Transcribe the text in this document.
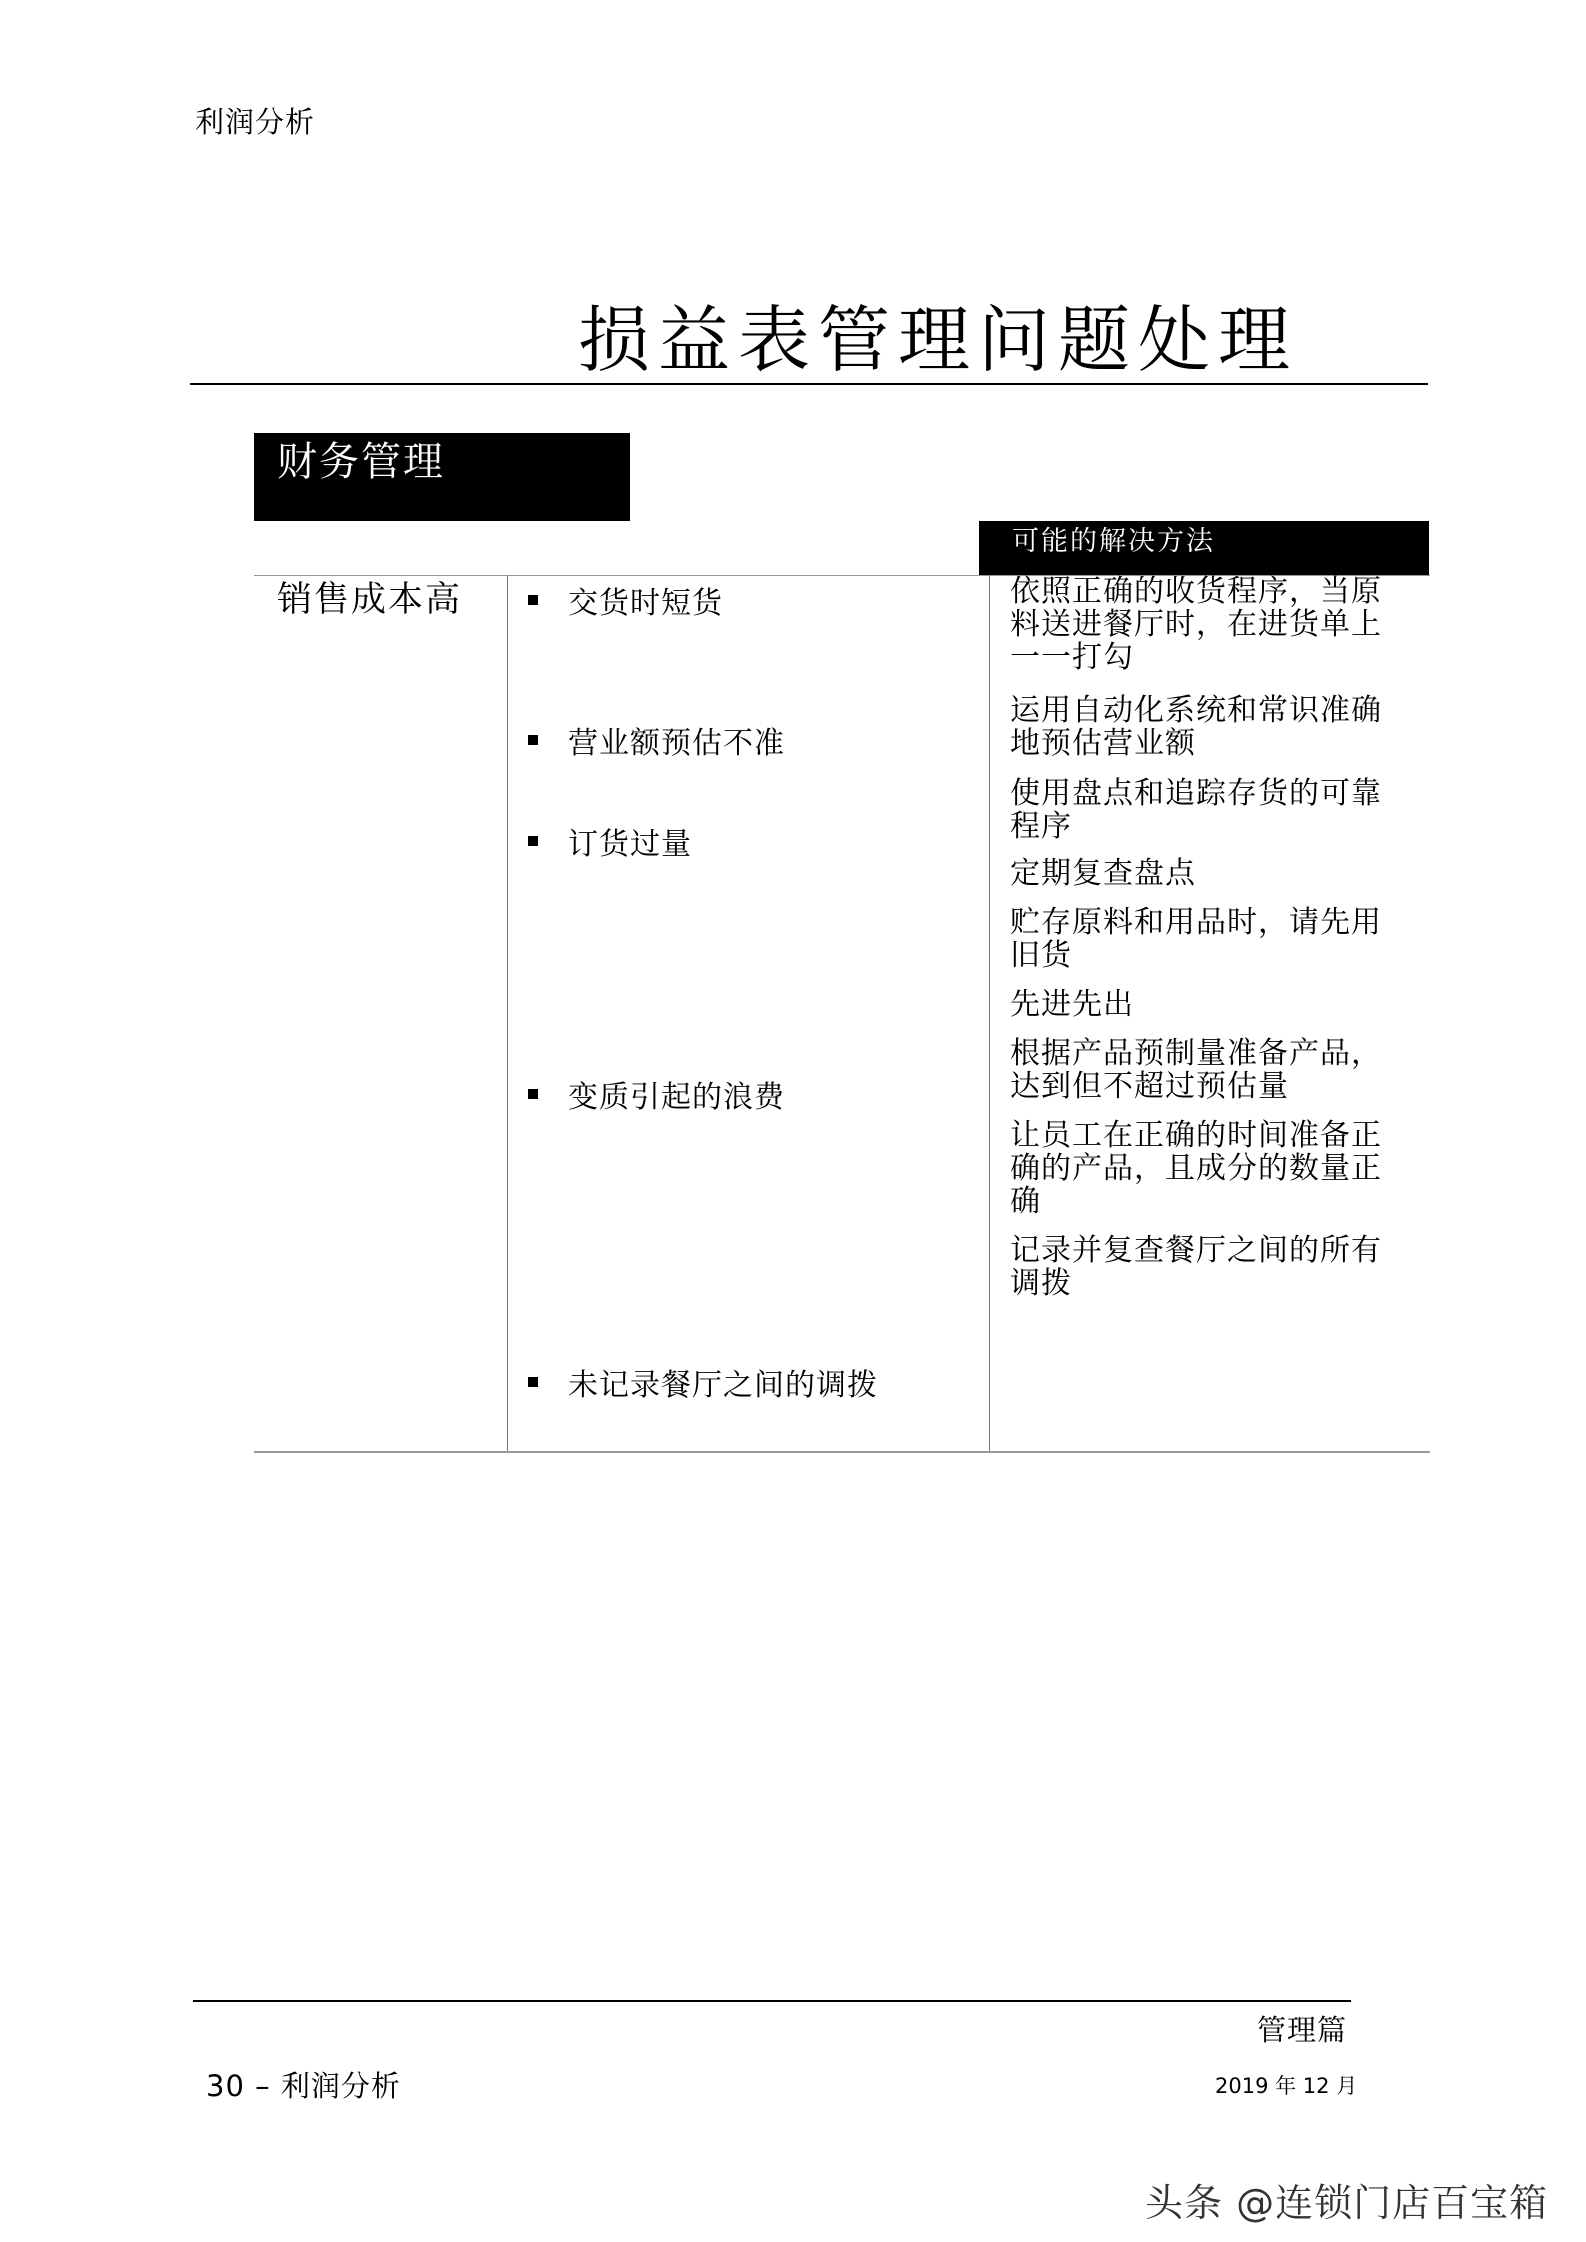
利润分析
损益表管理问题处理
财务管理
可能的解决方法
销售成本高	交货时短货
营业额预估不准
订货过量
变质引起的浪费
未记录餐厅之间的调拨
依照正确的收货程序，当原料送进餐厅时，在进货单上一一打勾
运用自动化系统和常识准确地预估营业额
使用盘点和追踪存货的可靠程序
定期复查盘点
贮存原料和用品时，请先用旧货
先进先出
根据产品预制量准备产品，达到但不超过预估量
让员工在正确的时间准备正确的产品，且成分的数量正确
记录并复查餐厅之间的所有调拨
管理篇
30 – 利润分析	2019 年 12 月
头条 @连锁门店百宝箱
